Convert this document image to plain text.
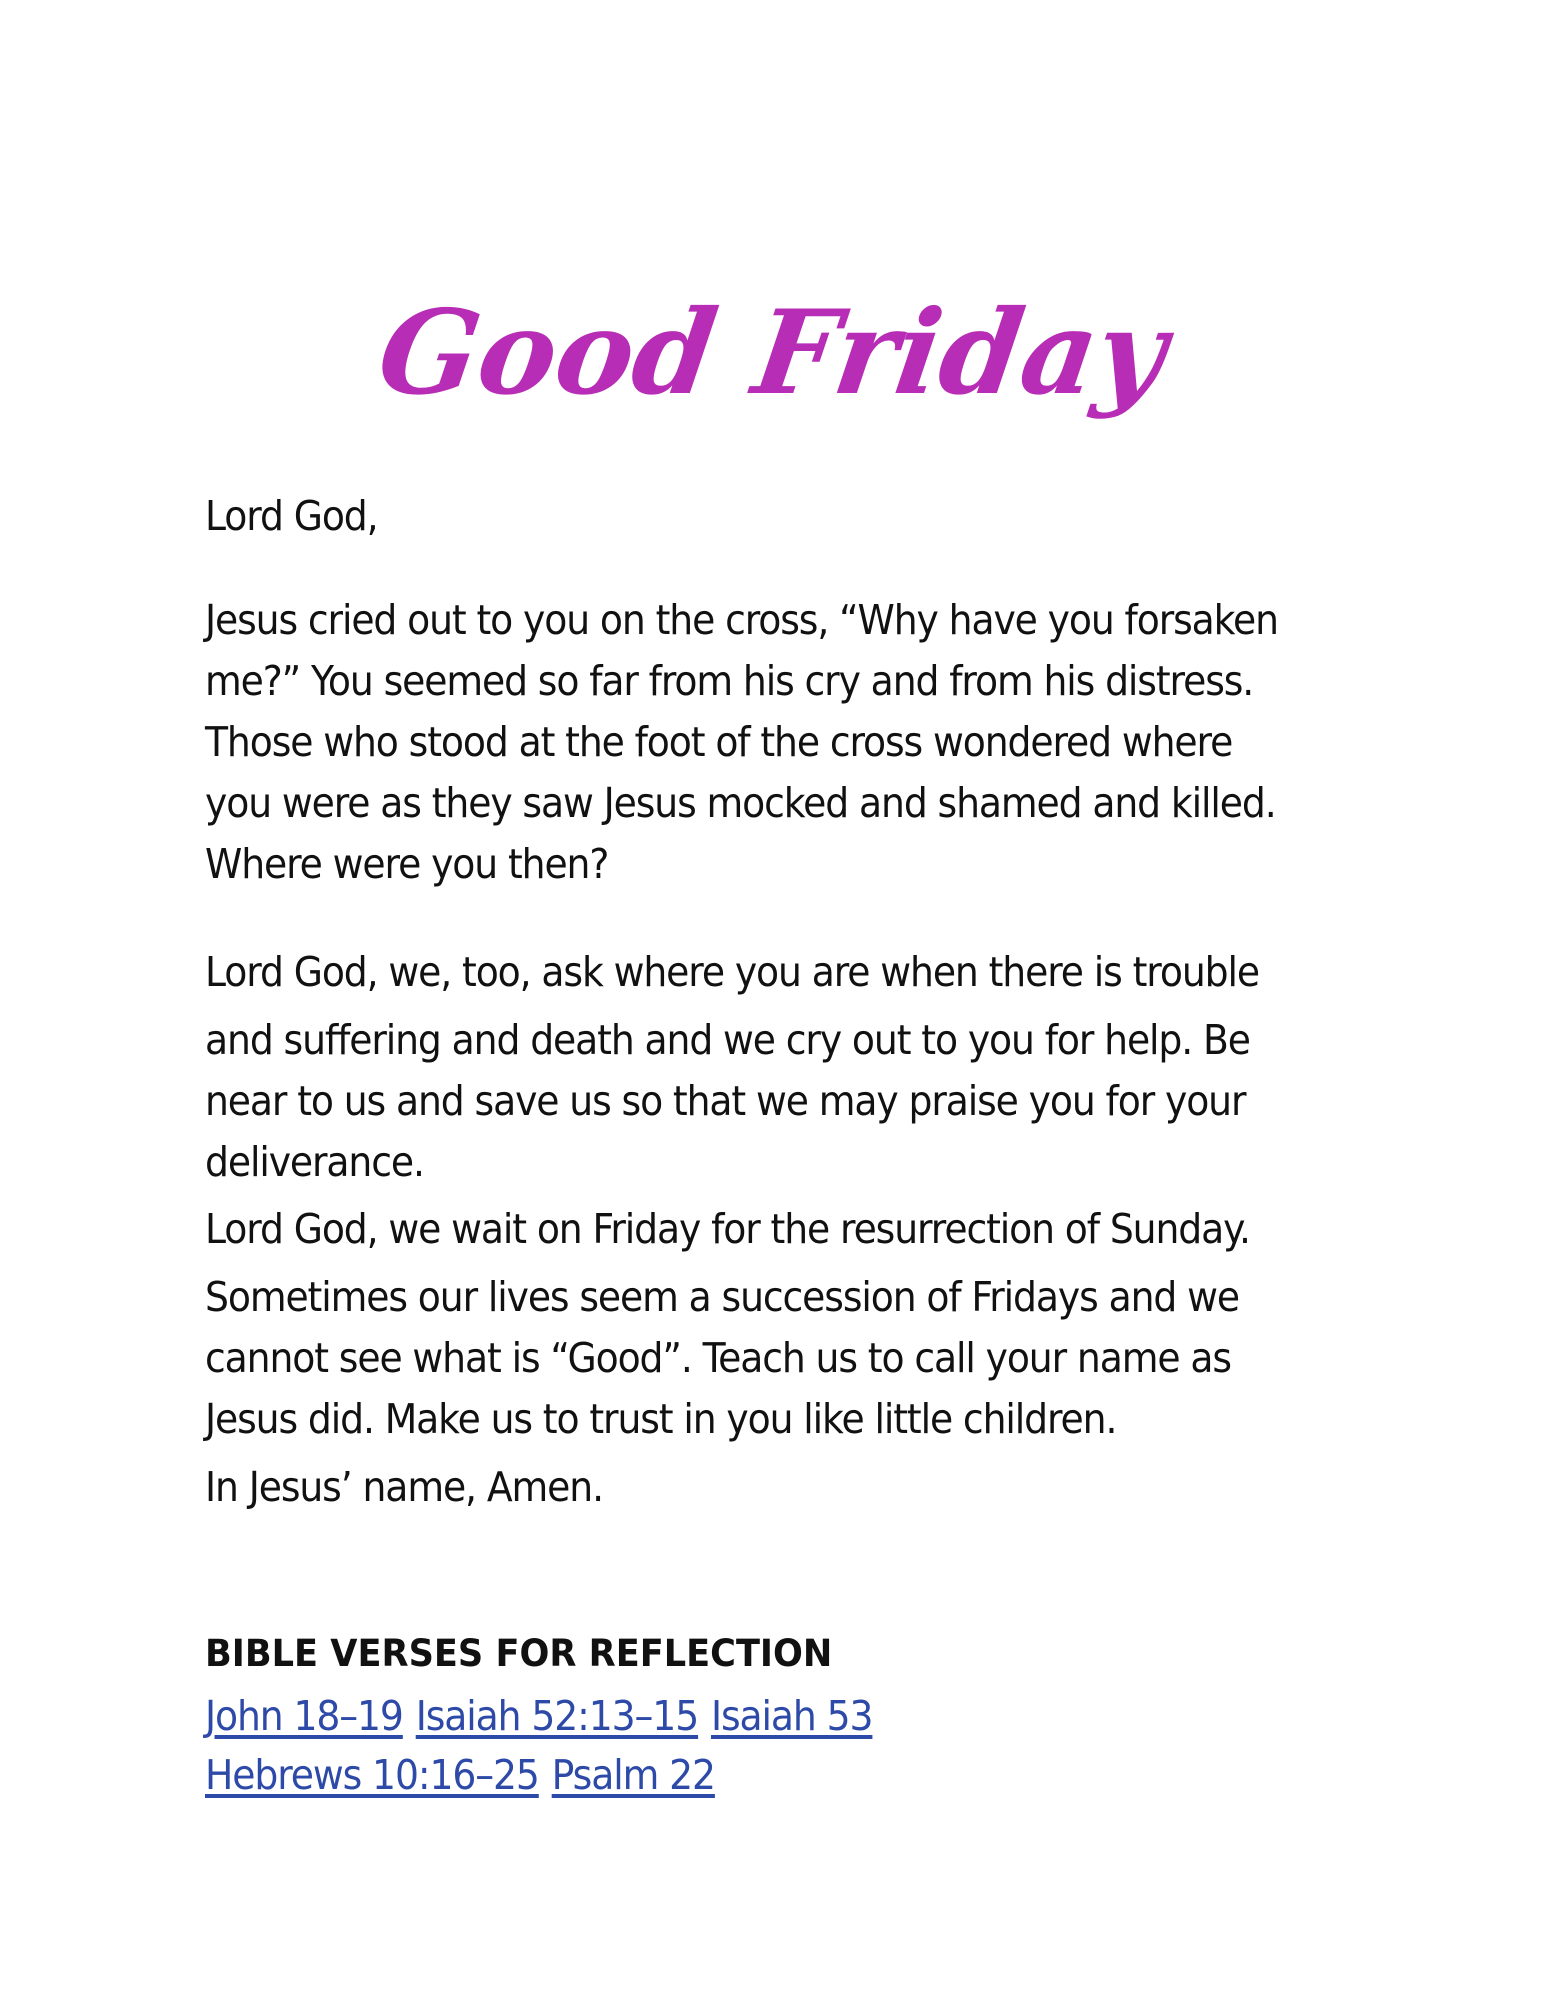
Good Friday
Lord God,
Jesus cried out to you on the cross, “Why have you forsaken
me?” You seemed so far from his cry and from his distress.
Those who stood at the foot of the cross wondered where
you were as they saw Jesus mocked and shamed and killed.
Where were you then?
Lord God, we, too, ask where you are when there is trouble
and suffering and death and we cry out to you for help. Be
near to us and save us so that we may praise you for your
deliverance.
Lord God, we wait on Friday for the resurrection of Sunday.
Sometimes our lives seem a succession of Fridays and we
cannot see what is “Good”. Teach us to call your name as
Jesus did. Make us to trust in you like little children.
In Jesus’ name, Amen.
BIBLE VERSES FOR REFLECTION
John 18–19 Isaiah 52:13–15 Isaiah 53
Hebrews 10:16–25 Psalm 22
